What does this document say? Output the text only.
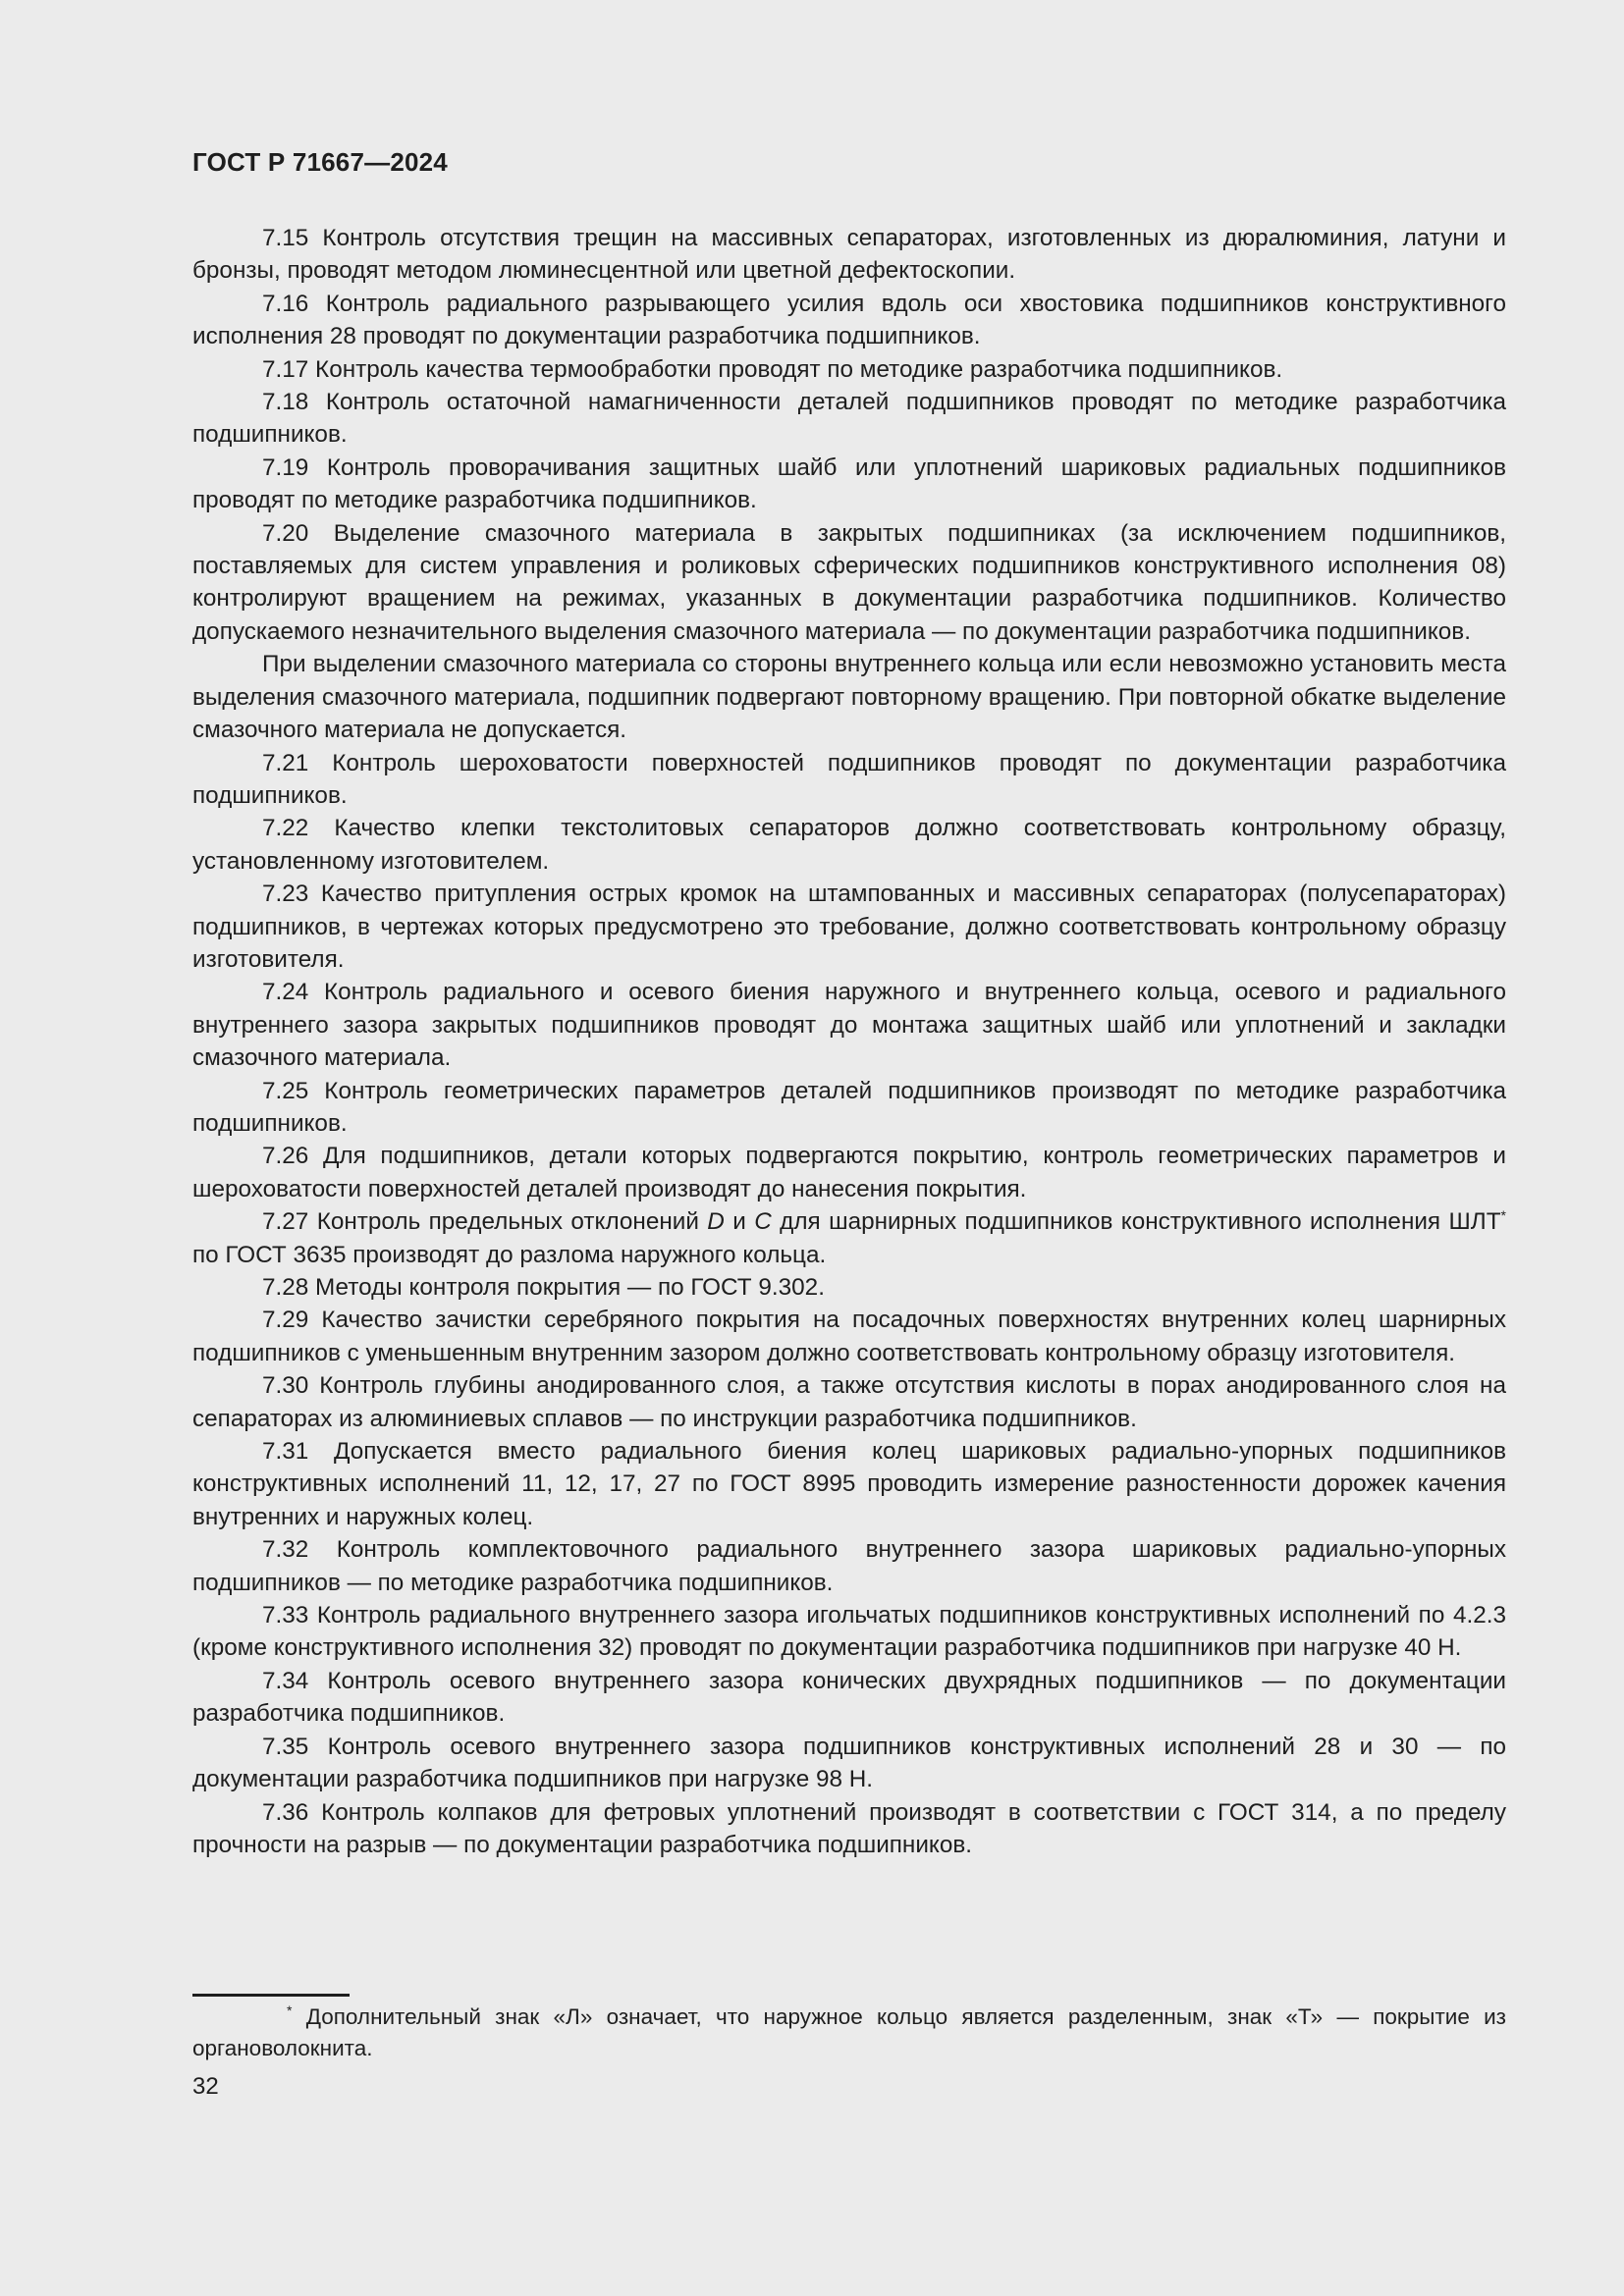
ГОСТ Р 71667—2024

7.15 Контроль отсутствия трещин на массивных сепараторах, изготовленных из дюралюминия, латуни и бронзы, проводят методом люминесцентной или цветной дефектоскопии.

7.16 Контроль радиального разрывающего усилия вдоль оси хвостовика подшипников конструктивного исполнения 28 проводят по документации разработчика подшипников.

7.17 Контроль качества термообработки проводят по методике разработчика подшипников.

7.18 Контроль остаточной намагниченности деталей подшипников проводят по методике разработчика подшипников.

7.19 Контроль проворачивания защитных шайб или уплотнений шариковых радиальных подшипников проводят по методике разработчика подшипников.

7.20 Выделение смазочного материала в закрытых подшипниках (за исключением подшипников, поставляемых для систем управления и роликовых сферических подшипников конструктивного исполнения 08) контролируют вращением на режимах, указанных в документации разработчика подшипников. Количество допускаемого незначительного выделения смазочного материала — по документации разработчика подшипников.

При выделении смазочного материала со стороны внутреннего кольца или если невозможно установить места выделения смазочного материала, подшипник подвергают повторному вращению. При повторной обкатке выделение смазочного материала не допускается.

7.21 Контроль шероховатости поверхностей подшипников проводят по документации разработчика подшипников.

7.22 Качество клепки текстолитовых сепараторов должно соответствовать контрольному образцу, установленному изготовителем.

7.23 Качество притупления острых кромок на штампованных и массивных сепараторах (полусепараторах) подшипников, в чертежах которых предусмотрено это требование, должно соответствовать контрольному образцу изготовителя.

7.24 Контроль радиального и осевого биения наружного и внутреннего кольца, осевого и радиального внутреннего зазора закрытых подшипников проводят до монтажа защитных шайб или уплотнений и закладки смазочного материала.

7.25 Контроль геометрических параметров деталей подшипников производят по методике разработчика подшипников.

7.26 Для подшипников, детали которых подвергаются покрытию, контроль геометрических параметров и шероховатости поверхностей деталей производят до нанесения покрытия.

7.27 Контроль предельных отклонений D и C для шарнирных подшипников конструктивного исполнения ШЛТ* по ГОСТ 3635 производят до разлома наружного кольца.

7.28 Методы контроля покрытия — по ГОСТ 9.302.

7.29 Качество зачистки серебряного покрытия на посадочных поверхностях внутренних колец шарнирных подшипников с уменьшенным внутренним зазором должно соответствовать контрольному образцу изготовителя.

7.30 Контроль глубины анодированного слоя, а также отсутствия кислоты в порах анодированного слоя на сепараторах из алюминиевых сплавов — по инструкции разработчика подшипников.

7.31 Допускается вместо радиального биения колец шариковых радиально-упорных подшипников конструктивных исполнений 11, 12, 17, 27 по ГОСТ 8995 проводить измерение разностенности дорожек качения внутренних и наружных колец.

7.32 Контроль комплектовочного радиального внутреннего зазора шариковых радиально-упорных подшипников — по методике разработчика подшипников.

7.33 Контроль радиального внутреннего зазора игольчатых подшипников конструктивных исполнений по 4.2.3 (кроме конструктивного исполнения 32) проводят по документации разработчика подшипников при нагрузке 40 Н.

7.34 Контроль осевого внутреннего зазора конических двухрядных подшипников — по документации разработчика подшипников.

7.35 Контроль осевого внутреннего зазора подшипников конструктивных исполнений 28 и 30 — по документации разработчика подшипников при нагрузке 98 Н.

7.36 Контроль колпаков для фетровых уплотнений производят в соответствии с ГОСТ 314, а по пределу прочности на разрыв — по документации разработчика подшипников.

* Дополнительный знак «Л» означает, что наружное кольцо является разделенным, знак «Т» — покрытие из органоволокнита.

32
